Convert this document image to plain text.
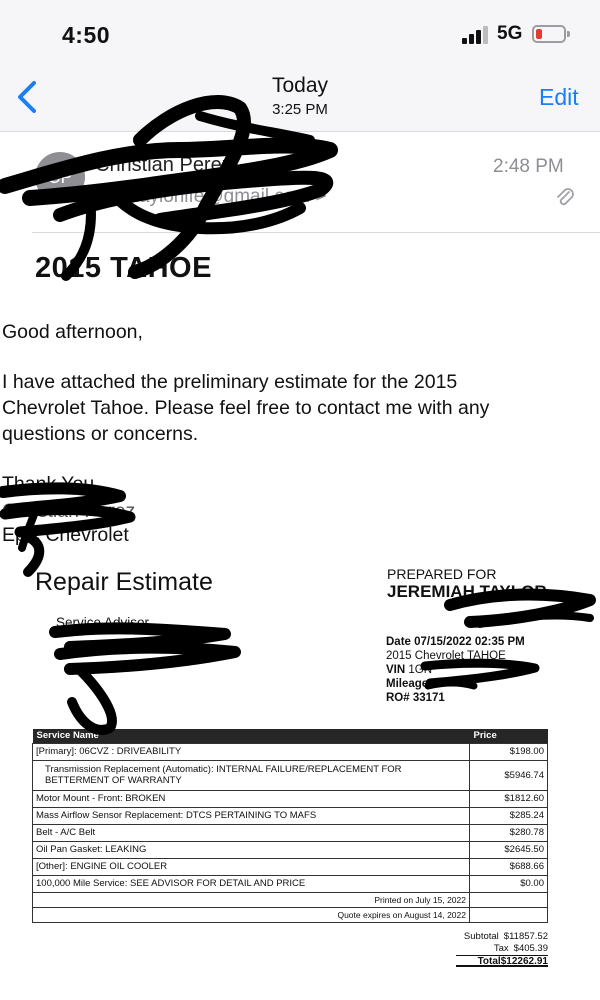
4:50	5G
Today
3:25 PM	Edit
CP
Christian Perez
To: taylorlife@gmail.com >
2:48 PM
2015 TAHOE
Good afternoon,
I have attached the preliminary estimate for the 2015 Chevrolet Tahoe. Please feel free to contact me with any questions or concerns.
Thank You,
Christian Perez
Epic Chevrolet
Repair Estimate	PREPARED FOR
JEREMIAH TAYLOR
Service Advisor
Date 07/15/2022 02:35 PM
2015 Chevrolet TAHOE
VIN 1GN
Mileage
RO# 33171
Service Name	Price
[Primary]: 06CVZ : DRIVEABILITY	$198.00
Transmission Replacement (Automatic): INTERNAL FAILURE/REPLACEMENT FOR BETTERMENT OF WARRANTY	$5946.74
Motor Mount - Front: BROKEN	$1812.60
Mass Airflow Sensor Replacement: DTCS PERTAINING TO MAFS	$285.24
Belt - A/C Belt	$280.78
Oil Pan Gasket: LEAKING	$2645.50
[Other]: ENGINE OIL COOLER	$688.66
100,000 Mile Service: SEE ADVISOR FOR DETAIL AND PRICE	$0.00
Printed on July 15, 2022	
Quote expires on August 14, 2022	
Subtotal $11857.52
Tax $405.39
Total $12262.91
